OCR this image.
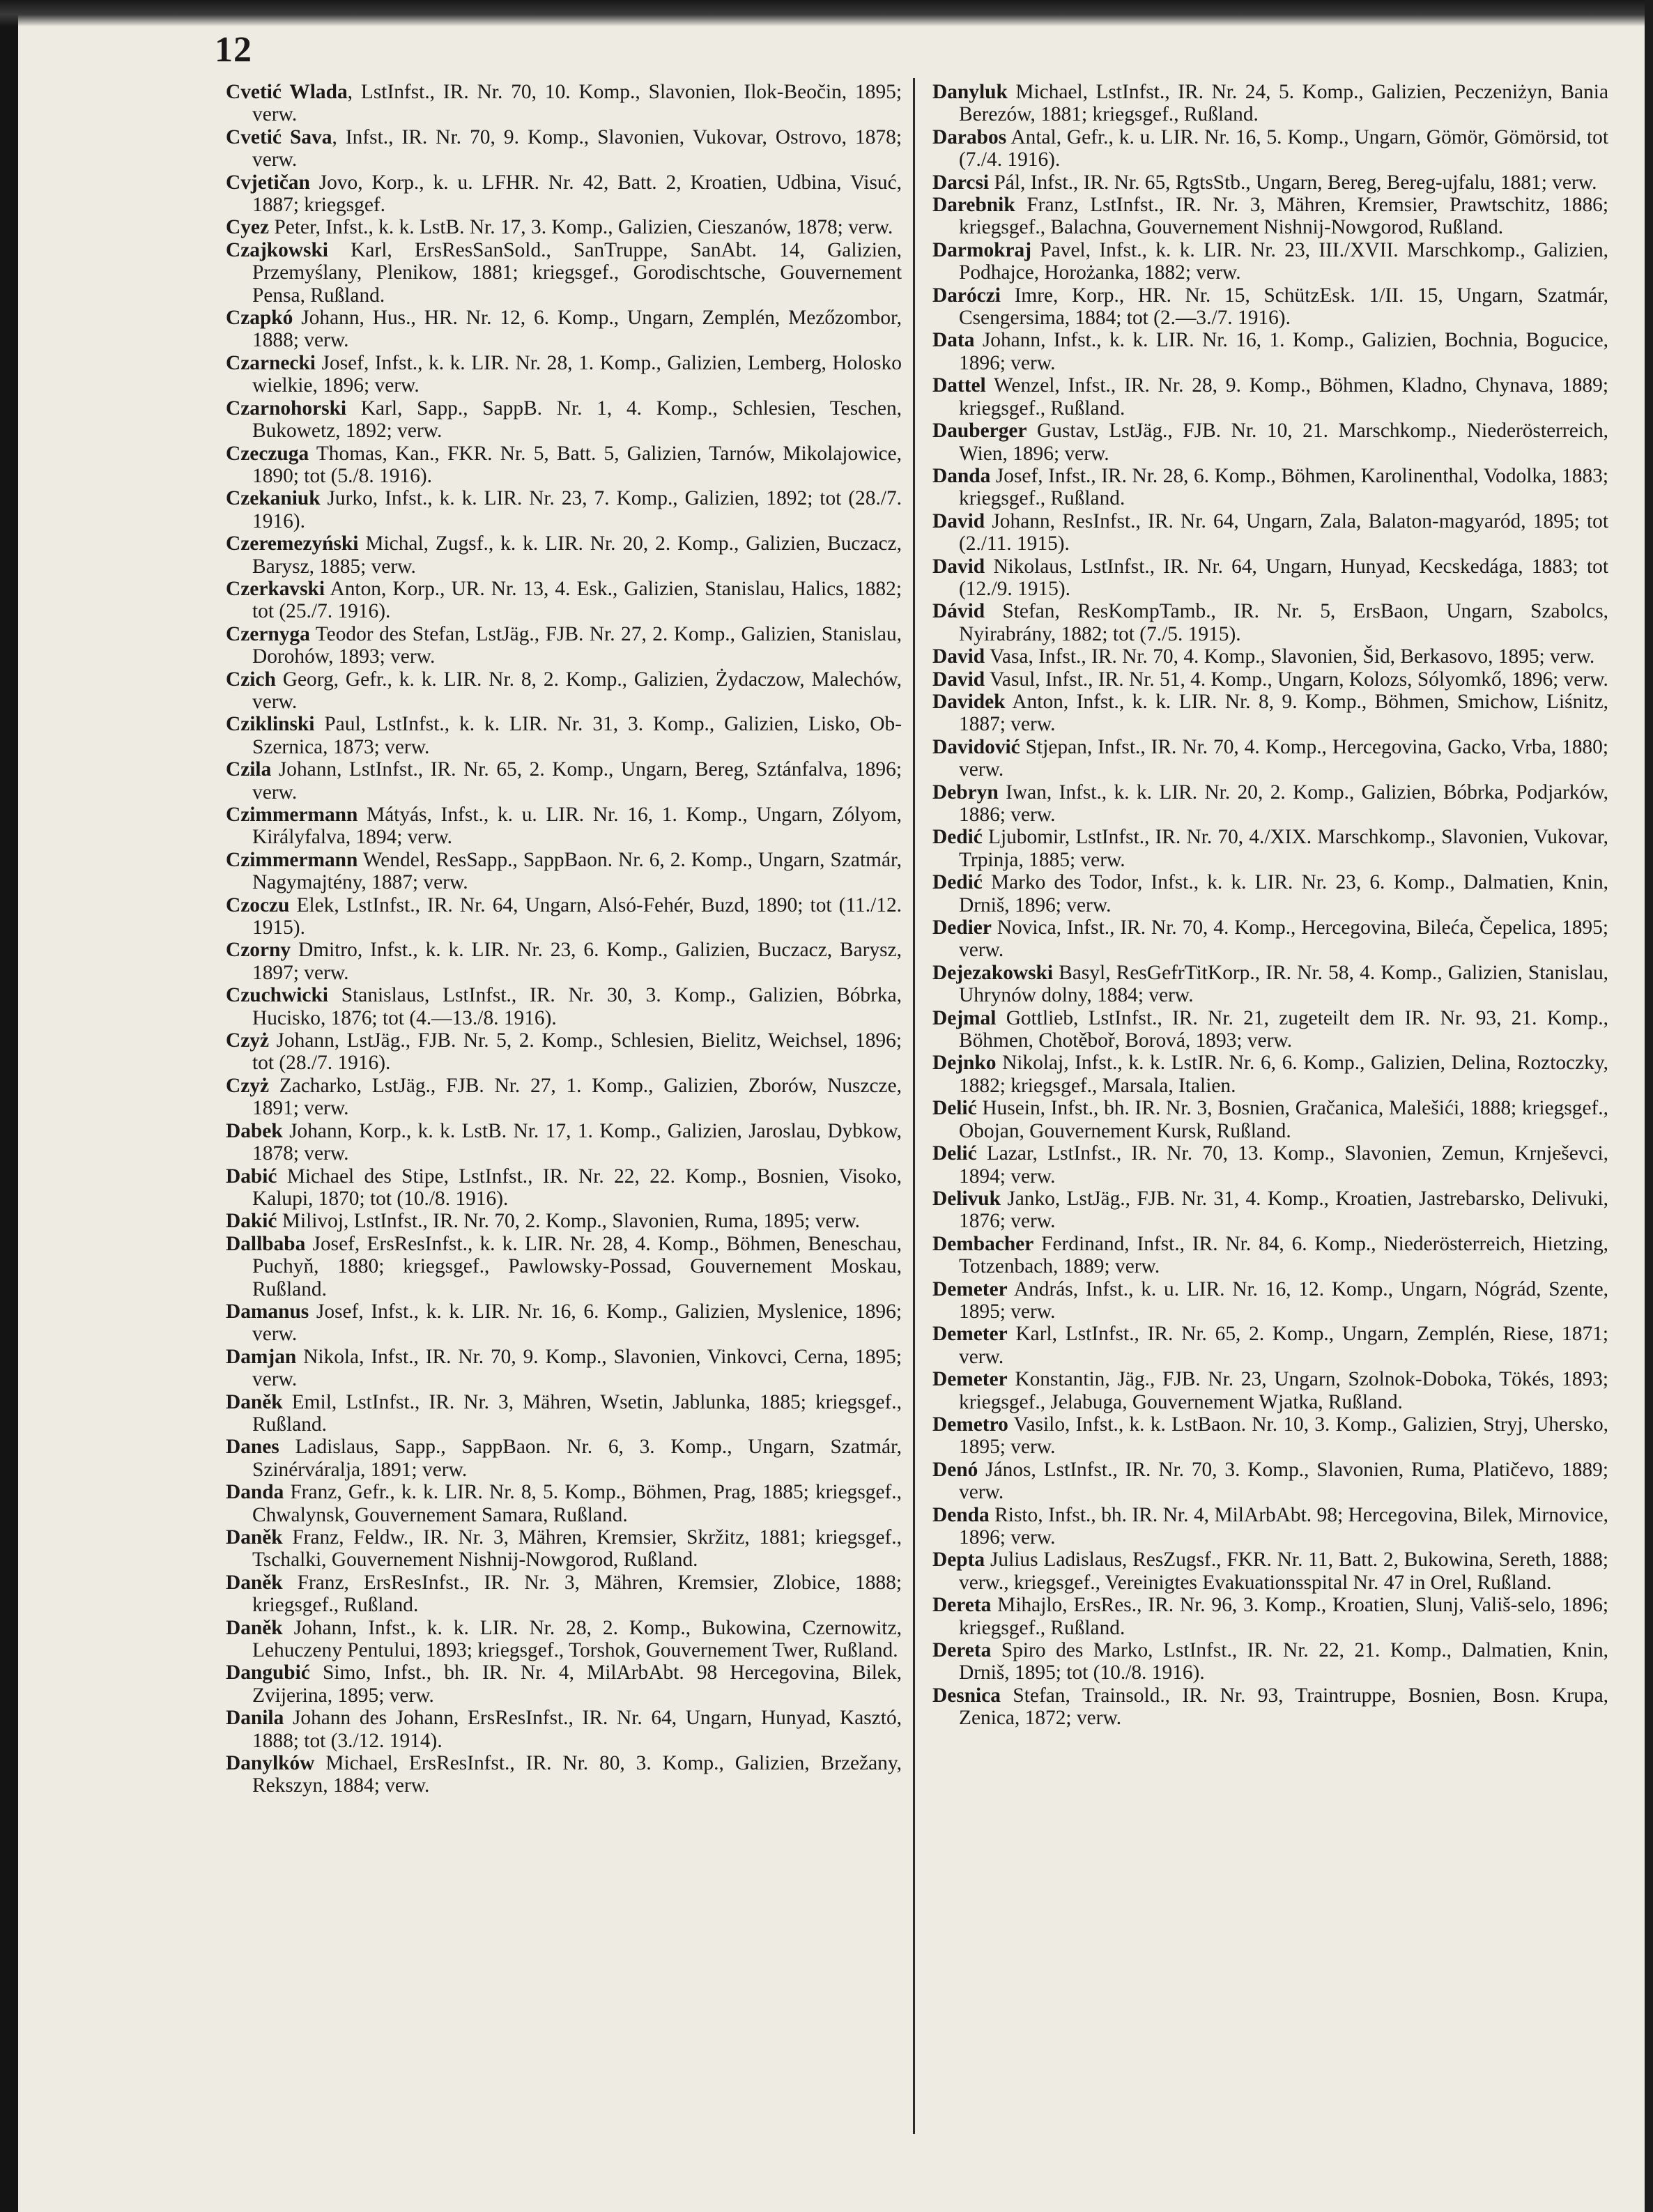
12
Cvetić Wlada, LstInfst., IR. Nr. 70, 10. Komp., Slavonien, Ilok-Beočin, 1895; verw.
Cvetić Sava, Infst., IR. Nr. 70, 9. Komp., Slavonien, Vukovar, Ostrovo, 1878; verw.
Cvjetičan Jovo, Korp., k. u. LFHR. Nr. 42, Batt. 2, Kroatien, Udbina, Visuć, 1887; kriegsgef.
Cyez Peter, Infst., k. k. LstB. Nr. 17, 3. Komp., Galizien, Cieszanów, 1878; verw.
Czajkowski Karl, ErsResSanSold., SanTruppe, SanAbt. 14, Galizien, Przemyślany, Plenikow, 1881; kriegsgef., Gorodischtsche, Gouvernement Pensa, Rußland.
Czapkó Johann, Hus., HR. Nr. 12, 6. Komp., Ungarn, Zemplén, Mezőzombor, 1888; verw.
Czarnecki Josef, Infst., k. k. LIR. Nr. 28, 1. Komp., Galizien, Lemberg, Holosko wielkie, 1896; verw.
Czarnohorski Karl, Sapp., SappB. Nr. 1, 4. Komp., Schlesien, Teschen, Bukowetz, 1892; verw.
Czeczuga Thomas, Kan., FKR. Nr. 5, Batt. 5, Galizien, Tarnów, Mikolajowice, 1890; tot (5./8. 1916).
Czekaniuk Jurko, Infst., k. k. LIR. Nr. 23, 7. Komp., Galizien, 1892; tot (28./7. 1916).
Czeremezyński Michal, Zugsf., k. k. LIR. Nr. 20, 2. Komp., Galizien, Buczacz, Barysz, 1885; verw.
Czerkavski Anton, Korp., UR. Nr. 13, 4. Esk., Galizien, Stanislau, Halics, 1882; tot (25./7. 1916).
Czernyga Teodor des Stefan, LstJäg., FJB. Nr. 27, 2. Komp., Galizien, Stanislau, Dorohów, 1893; verw.
Czich Georg, Gefr., k. k. LIR. Nr. 8, 2. Komp., Galizien, Żydaczow, Malechów, verw.
Cziklinski Paul, LstInfst., k. k. LIR. Nr. 31, 3. Komp., Galizien, Lisko, Ob-Szernica, 1873; verw.
Czila Johann, LstInfst., IR. Nr. 65, 2. Komp., Ungarn, Bereg, Sztánfalva, 1896; verw.
Czimmermann Mátyás, Infst., k. u. LIR. Nr. 16, 1. Komp., Ungarn, Zólyom, Királyfalva, 1894; verw.
Czimmermann Wendel, ResSapp., SappBaon. Nr. 6, 2. Komp., Ungarn, Szatmár, Nagymajtény, 1887; verw.
Czoczu Elek, LstInfst., IR. Nr. 64, Ungarn, Alsó-Fehér, Buzd, 1890; tot (11./12. 1915).
Czorny Dmitro, Infst., k. k. LIR. Nr. 23, 6. Komp., Galizien, Buczacz, Barysz, 1897; verw.
Czuchwicki Stanislaus, LstInfst., IR. Nr. 30, 3. Komp., Galizien, Bóbrka, Hucisko, 1876; tot (4.—13./8. 1916).
Czyż Johann, LstJäg., FJB. Nr. 5, 2. Komp., Schlesien, Bielitz, Weichsel, 1896; tot (28./7. 1916).
Czyż Zacharko, LstJäg., FJB. Nr. 27, 1. Komp., Galizien, Zborów, Nuszcze, 1891; verw.
Dabek Johann, Korp., k. k. LstB. Nr. 17, 1. Komp., Galizien, Jaroslau, Dybkow, 1878; verw.
Dabić Michael des Stipe, LstInfst., IR. Nr. 22, 22. Komp., Bosnien, Visoko, Kalupi, 1870; tot (10./8. 1916).
Dakić Milivoj, LstInfst., IR. Nr. 70, 2. Komp., Slavonien, Ruma, 1895; verw.
Dallbaba Josef, ErsResInfst., k. k. LIR. Nr. 28, 4. Komp., Böhmen, Beneschau, Puchyň, 1880; kriegsgef., Pawlowsky-Possad, Gouvernement Moskau, Rußland.
Damanus Josef, Infst., k. k. LIR. Nr. 16, 6. Komp., Galizien, Myslenice, 1896; verw.
Damjan Nikola, Infst., IR. Nr. 70, 9. Komp., Slavonien, Vinkovci, Cerna, 1895; verw.
Daněk Emil, LstInfst., IR. Nr. 3, Mähren, Wsetin, Jablunka, 1885; kriegsgef., Rußland.
Danes Ladislaus, Sapp., SappBaon. Nr. 6, 3. Komp., Ungarn, Szatmár, Szinérváralja, 1891; verw.
Danda Franz, Gefr., k. k. LIR. Nr. 8, 5. Komp., Böhmen, Prag, 1885; kriegsgef., Chwalynsk, Gouvernement Samara, Rußland.
Daněk Franz, Feldw., IR. Nr. 3, Mähren, Kremsier, Skržitz, 1881; kriegsgef., Tschalki, Gouvernement Nishnij-Nowgorod, Rußland.
Daněk Franz, ErsResInfst., IR. Nr. 3, Mähren, Kremsier, Zlobice, 1888; kriegsgef., Rußland.
Daněk Johann, Infst., k. k. LIR. Nr. 28, 2. Komp., Bukowina, Czernowitz, Lehuczeny Pentului, 1893; kriegsgef., Torshok, Gouvernement Twer, Rußland.
Dangubić Simo, Infst., bh. IR. Nr. 4, MilArbAbt. 98 Hercegovina, Bilek, Zvijerina, 1895; verw.
Danila Johann des Johann, ErsResInfst., IR. Nr. 64, Ungarn, Hunyad, Kasztó, 1888; tot (3./12. 1914).
Danylków Michael, ErsResInfst., IR. Nr. 80, 3. Komp., Galizien, Brzežany, Rekszyn, 1884; verw.
Danyluk Michael, LstInfst., IR. Nr. 24, 5. Komp., Galizien, Peczeniżyn, Bania Berezów, 1881; kriegsgef., Rußland.
Darabos Antal, Gefr., k. u. LIR. Nr. 16, 5. Komp., Ungarn, Gömör, Gömörsid, tot (7./4. 1916).
Darcsi Pál, Infst., IR. Nr. 65, RgtsStb., Ungarn, Bereg, Bereg-ujfalu, 1881; verw.
Darebnik Franz, LstInfst., IR. Nr. 3, Mähren, Kremsier, Prawtschitz, 1886; kriegsgef., Balachna, Gouvernement Nishnij-Nowgorod, Rußland.
Darmokraj Pavel, Infst., k. k. LIR. Nr. 23, III./XVII. Marschkomp., Galizien, Podhajce, Horożanka, 1882; verw.
Daróczi Imre, Korp., HR. Nr. 15, SchützEsk. 1/II. 15, Ungarn, Szatmár, Csengersima, 1884; tot (2.—3./7. 1916).
Data Johann, Infst., k. k. LIR. Nr. 16, 1. Komp., Galizien, Bochnia, Bogucice, 1896; verw.
Dattel Wenzel, Infst., IR. Nr. 28, 9. Komp., Böhmen, Kladno, Chynava, 1889; kriegsgef., Rußland.
Dauberger Gustav, LstJäg., FJB. Nr. 10, 21. Marschkomp., Niederösterreich, Wien, 1896; verw.
Danda Josef, Infst., IR. Nr. 28, 6. Komp., Böhmen, Karolinenthal, Vodolka, 1883; kriegsgef., Rußland.
David Johann, ResInfst., IR. Nr. 64, Ungarn, Zala, Balaton-magyaród, 1895; tot (2./11. 1915).
David Nikolaus, LstInfst., IR. Nr. 64, Ungarn, Hunyad, Kecskedága, 1883; tot (12./9. 1915).
Dávid Stefan, ResKompTamb., IR. Nr. 5, ErsBaon, Ungarn, Szabolcs, Nyirabrány, 1882; tot (7./5. 1915).
David Vasa, Infst., IR. Nr. 70, 4. Komp., Slavonien, Šid, Berkasovo, 1895; verw.
David Vasul, Infst., IR. Nr. 51, 4. Komp., Ungarn, Kolozs, Sólyomkő, 1896; verw.
Davidek Anton, Infst., k. k. LIR. Nr. 8, 9. Komp., Böhmen, Smichow, Liśnitz, 1887; verw.
Davidović Stjepan, Infst., IR. Nr. 70, 4. Komp., Hercegovina, Gacko, Vrba, 1880; verw.
Debryn Iwan, Infst., k. k. LIR. Nr. 20, 2. Komp., Galizien, Bóbrka, Podjarków, 1886; verw.
Dedić Ljubomir, LstInfst., IR. Nr. 70, 4./XIX. Marschkomp., Slavonien, Vukovar, Trpinja, 1885; verw.
Dedić Marko des Todor, Infst., k. k. LIR. Nr. 23, 6. Komp., Dalmatien, Knin, Drniš, 1896; verw.
Dedier Novica, Infst., IR. Nr. 70, 4. Komp., Hercegovina, Bileća, Čepelica, 1895; verw.
Dejezakowski Basyl, ResGefrTitKorp., IR. Nr. 58, 4. Komp., Galizien, Stanislau, Uhrynów dolny, 1884; verw.
Dejmal Gottlieb, LstInfst., IR. Nr. 21, zugeteilt dem IR. Nr. 93, 21. Komp., Böhmen, Chotěboř, Borová, 1893; verw.
Dejnko Nikolaj, Infst., k. k. LstIR. Nr. 6, 6. Komp., Galizien, Delina, Roztoczky, 1882; kriegsgef., Marsala, Italien.
Delić Husein, Infst., bh. IR. Nr. 3, Bosnien, Gračanica, Malešići, 1888; kriegsgef., Obojan, Gouvernement Kursk, Rußland.
Delić Lazar, LstInfst., IR. Nr. 70, 13. Komp., Slavonien, Zemun, Krnješevci, 1894; verw.
Delivuk Janko, LstJäg., FJB. Nr. 31, 4. Komp., Kroatien, Jastrebarsko, Delivuki, 1876; verw.
Dembacher Ferdinand, Infst., IR. Nr. 84, 6. Komp., Niederösterreich, Hietzing, Totzenbach, 1889; verw.
Demeter András, Infst., k. u. LIR. Nr. 16, 12. Komp., Ungarn, Nógrád, Szente, 1895; verw.
Demeter Karl, LstInfst., IR. Nr. 65, 2. Komp., Ungarn, Zemplén, Riese, 1871; verw.
Demeter Konstantin, Jäg., FJB. Nr. 23, Ungarn, Szolnok-Doboka, Tökés, 1893; kriegsgef., Jelabuga, Gouvernement Wjatka, Rußland.
Demetro Vasilo, Infst., k. k. LstBaon. Nr. 10, 3. Komp., Galizien, Stryj, Uhersko, 1895; verw.
Denó János, LstInfst., IR. Nr. 70, 3. Komp., Slavonien, Ruma, Platičevo, 1889; verw.
Denda Risto, Infst., bh. IR. Nr. 4, MilArbAbt. 98; Hercegovina, Bilek, Mirnovice, 1896; verw.
Depta Julius Ladislaus, ResZugsf., FKR. Nr. 11, Batt. 2, Bukowina, Sereth, 1888; verw., kriegsgef., Vereinigtes Evakuationsspital Nr. 47 in Orel, Rußland.
Dereta Mihajlo, ErsRes., IR. Nr. 96, 3. Komp., Kroatien, Slunj, Vališ-selo, 1896; kriegsgef., Rußland.
Dereta Spiro des Marko, LstInfst., IR. Nr. 22, 21. Komp., Dalmatien, Knin, Drniš, 1895; tot (10./8. 1916).
Desnica Stefan, Trainsold., IR. Nr. 93, Traintruppe, Bosnien, Bosn. Krupa, Zenica, 1872; verw.
